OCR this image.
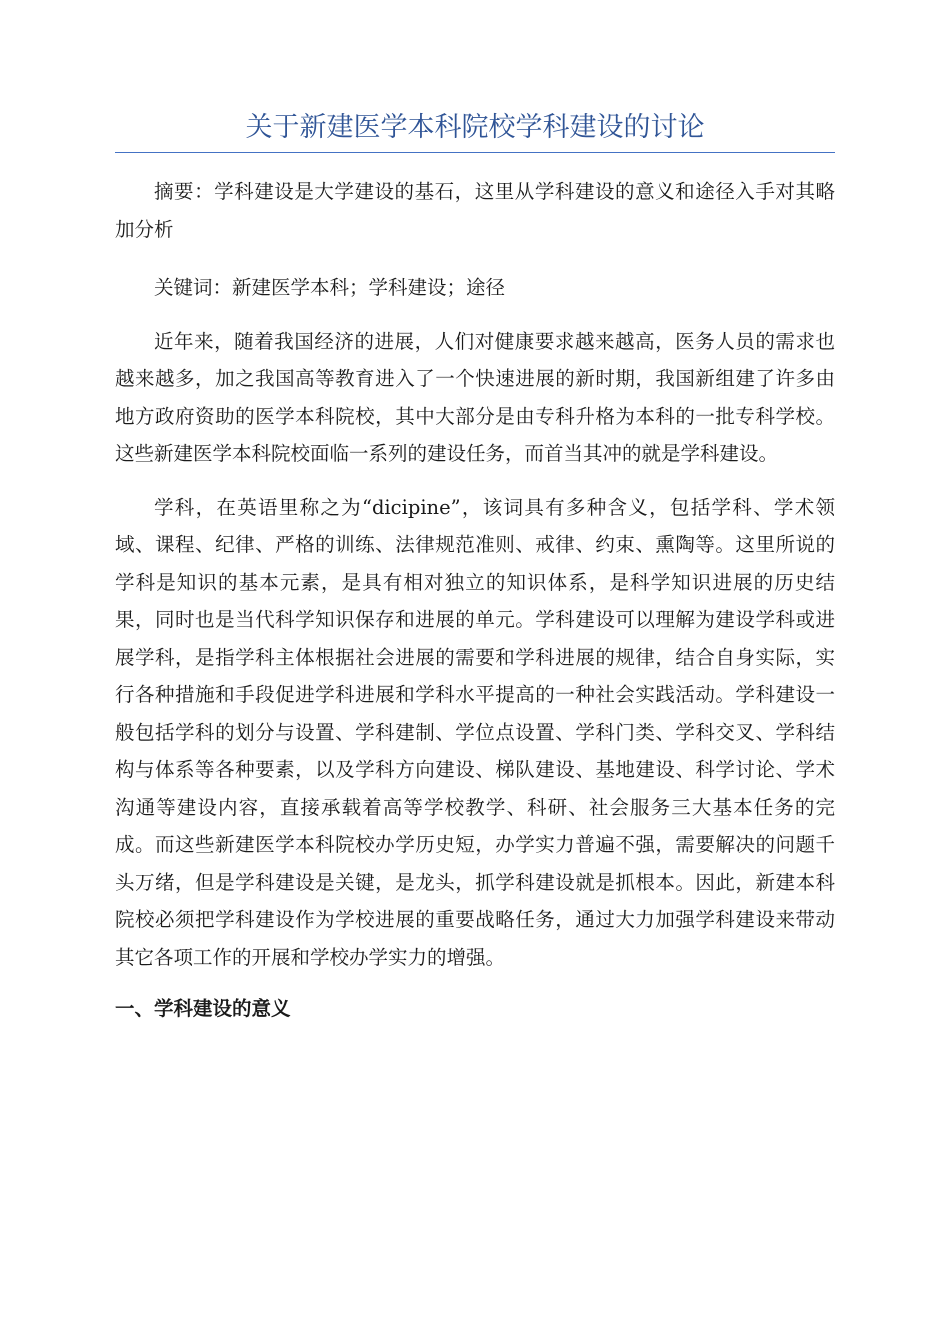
关于新建医学本科院校学科建设的讨论

摘要：学科建设是大学建设的基石，这里从学科建设的意义和途径入手对其略加分析

关键词：新建医学本科；学科建设；途径

近年来，随着我国经济的进展，人们对健康要求越来越高，医务人员的需求也越来越多，加之我国高等教育进入了一个快速进展的新时期，我国新组建了许多由地方政府资助的医学本科院校，其中大部分是由专科升格为本科的一批专科学校。这些新建医学本科院校面临一系列的建设任务，而首当其冲的就是学科建设。

学科，在英语里称之为“dicipine”，该词具有多种含义，包括学科、学术领域、课程、纪律、严格的训练、法律规范准则、戒律、约束、熏陶等。这里所说的学科是知识的基本元素，是具有相对独立的知识体系，是科学知识进展的历史结果，同时也是当代科学知识保存和进展的单元。学科建设可以理解为建设学科或进展学科，是指学科主体根据社会进展的需要和学科进展的规律，结合自身实际，实行各种措施和手段促进学科进展和学科水平提高的一种社会实践活动。学科建设一般包括学科的划分与设置、学科建制、学位点设置、学科门类、学科交叉、学科结构与体系等各种要素，以及学科方向建设、梯队建设、基地建设、科学讨论、学术沟通等建设内容，直接承载着高等学校教学、科研、社会服务三大基本任务的完成。而这些新建医学本科院校办学历史短，办学实力普遍不强，需要解决的问题千头万绪，但是学科建设是关键，是龙头，抓学科建设就是抓根本。因此，新建本科院校必须把学科建设作为学校进展的重要战略任务，通过大力加强学科建设来带动其它各项工作的开展和学校办学实力的增强。

一、学科建设的意义
